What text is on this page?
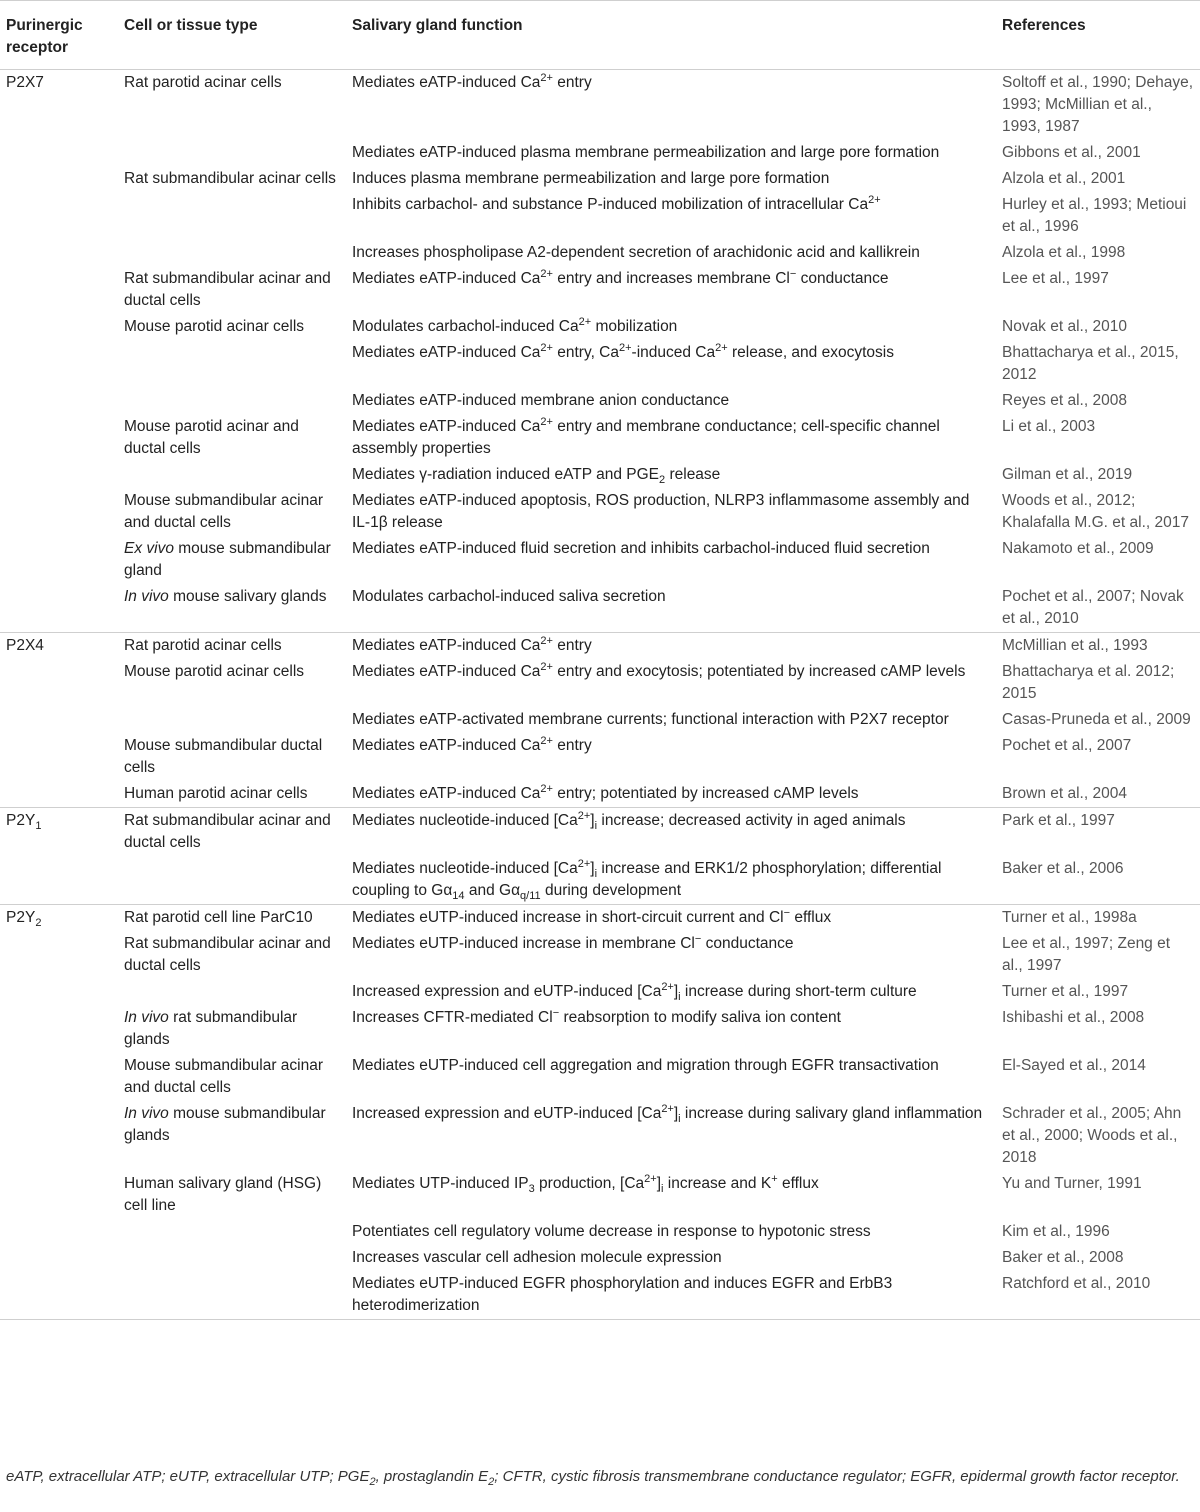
Purinergic receptor	Cell or tissue type	Salivary gland function	References
P2X7	Rat parotid acinar cells	Mediates eATP-induced $Ca^{2+}$ entry	Soltoff et al., 1990; Dehaye, 1993; McMillian et al., 1993, 1987
		Mediates eATP-induced plasma membrane permeabilization and large pore formation	Gibbons et al., 2001
	Rat submandibular acinar cells	Induces plasma membrane permeabilization and large pore formation	Alzola et al., 2001
		Inhibits carbachol- and substance P-induced mobilization of intracellular $Ca^{2+}$	Hurley et al., 1993; Metioui et al., 1996
		Increases phospholipase A2-dependent secretion of arachidonic acid and kallikrein	Alzola et al., 1998
	Rat submandibular acinar and ductal cells	Mediates eATP-induced $Ca^{2+}$ entry and increases membrane Cl− conductance	Lee et al., 1997
	Mouse parotid acinar cells	Modulates carbachol-induced $Ca^{2+}$ mobilization	Novak et al., 2010
		Mediates eATP-induced $Ca^{2+}$ entry, $Ca^{2+}$-induced $Ca^{2+}$ release, and exocytosis	Bhattacharya et al., 2015, 2012
		Mediates eATP-induced membrane anion conductance	Reyes et al., 2008
	Mouse parotid acinar and ductal cells	Mediates eATP-induced $Ca^{2+}$ entry and membrane conductance; cell-specific channel assembly properties	Li et al., 2003
		Mediates γ-radiation induced eATP and $PGE_2$ release	Gilman et al., 2019
	Mouse submandibular acinar and ductal cells	Mediates eATP-induced apoptosis, ROS production, NLRP3 inflammasome assembly and IL-1β release	Woods et al., 2012; Khalafalla M.G. et al., 2017
	Ex vivo mouse submandibular gland	Mediates eATP-induced fluid secretion and inhibits carbachol-induced fluid secretion	Nakamoto et al., 2009
	In vivo mouse salivary glands	Modulates carbachol-induced saliva secretion	Pochet et al., 2007; Novak et al., 2010
P2X4	Rat parotid acinar cells	Mediates eATP-induced $Ca^{2+}$ entry	McMillian et al., 1993
	Mouse parotid acinar cells	Mediates eATP-induced $Ca^{2+}$ entry and exocytosis; potentiated by increased cAMP levels	Bhattacharya et al. 2012; 2015
		Mediates eATP-activated membrane currents; functional interaction with P2X7 receptor	Casas-Pruneda et al., 2009
	Mouse submandibular ductal cells	Mediates eATP-induced $Ca^{2+}$ entry	Pochet et al., 2007
	Human parotid acinar cells	Mediates eATP-induced $Ca^{2+}$ entry; potentiated by increased cAMP levels	Brown et al., 2004
$P2Y_1$	Rat submandibular acinar and ductal cells	Mediates nucleotide-induced $[Ca^{2+}]_i$ increase; decreased activity in aged animals	Park et al., 1997
		Mediates nucleotide-induced $[Ca^{2+}]_i$ increase and ERK1/2 phosphorylation; differential coupling to $G\alpha_{14}$ and $G\alpha_{q/11}$ during development	Baker et al., 2006
$P2Y_2$	Rat parotid cell line ParC10	Mediates eUTP-induced increase in short-circuit current and Cl− efflux	Turner et al., 1998a
	Rat submandibular acinar and ductal cells	Mediates eUTP-induced increase in membrane Cl− conductance	Lee et al., 1997; Zeng et al., 1997
		Increased expression and eUTP-induced $[Ca^{2+}]_i$ increase during short-term culture	Turner et al., 1997
	In vivo rat submandibular glands	Increases CFTR-mediated Cl− reabsorption to modify saliva ion content	Ishibashi et al., 2008
	Mouse submandibular acinar and ductal cells	Mediates eUTP-induced cell aggregation and migration through EGFR transactivation	El-Sayed et al., 2014
	In vivo mouse submandibular glands	Increased expression and eUTP-induced $[Ca^{2+}]_i$ increase during salivary gland inflammation	Schrader et al., 2005; Ahn et al., 2000; Woods et al., 2018
	Human salivary gland (HSG) cell line	Mediates UTP-induced $IP_3$ production, $[Ca^{2+}]_i$ increase and K+ efflux	Yu and Turner, 1991
		Potentiates cell regulatory volume decrease in response to hypotonic stress	Kim et al., 1996
		Increases vascular cell adhesion molecule expression	Baker et al., 2008
		Mediates eUTP-induced EGFR phosphorylation and induces EGFR and ErbB3 heterodimerization	Ratchford et al., 2010
eATP, extracellular ATP; eUTP, extracellular UTP; $PGE_2$, prostaglandin $E_2$; CFTR, cystic fibrosis transmembrane conductance regulator; EGFR, epidermal growth factor receptor.
